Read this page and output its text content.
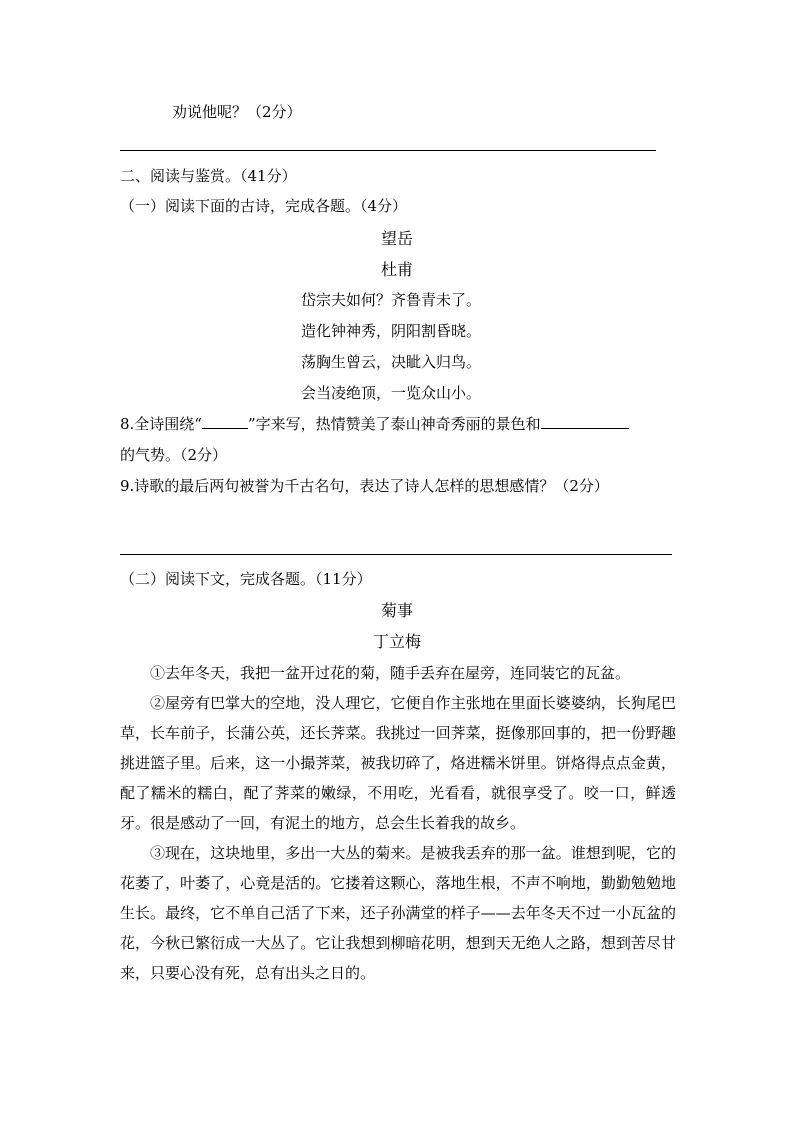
劝说他呢？（2分）
二、阅读与鉴赏。（41分）
（一）阅读下面的古诗，完成各题。（4分）
望岳
杜甫
岱宗夫如何？齐鲁青未了。
造化钟神秀，阴阳割昏晓。
荡胸生曾云，决眦入归鸟。
会当凌绝顶，一览众山小。
8.全诗围绕“	”字来写，热情赞美了泰山神奇秀丽的景色和
的气势。（2分）
9.诗歌的最后两句被誉为千古名句，表达了诗人怎样的思想感情？（2分）
（二）阅读下文，完成各题。（11分）
菊事
丁立梅

①去年冬天，我把一盆开过花的菊，随手丢弃在屋旁，连同装它的瓦盆。

②屋旁有巴掌大的空地，没人理它，它便自作主张地在里面长婆婆纳，长狗尾巴草，长车前子，长蒲公英，还长荠菜。我挑过一回荠菜，挺像那回事的，把一份野趣挑进篮子里。后来，这一小撮荠菜，被我切碎了，烙进糯米饼里。饼烙得点点金黄，配了糯米的糯白，配了荠菜的嫩绿，不用吃，光看看，就很享受了。咬一口，鲜透牙。很是感动了一回，有泥土的地方，总会生长着我的故乡。

③现在，这块地里，多出一大丛的菊来。是被我丢弃的那一盆。谁想到呢，它的花萎了，叶萎了，心竟是活的。它搂着这颗心，落地生根，不声不响地，勤勤勉勉地生长。最终，它不单自己活了下来，还子孙满堂的样子——去年冬天不过一小瓦盆的花，今秋已繁衍成一大丛了。它让我想到柳暗花明，想到天无绝人之路，想到苦尽甘来，只要心没有死，总有出头之日的。
